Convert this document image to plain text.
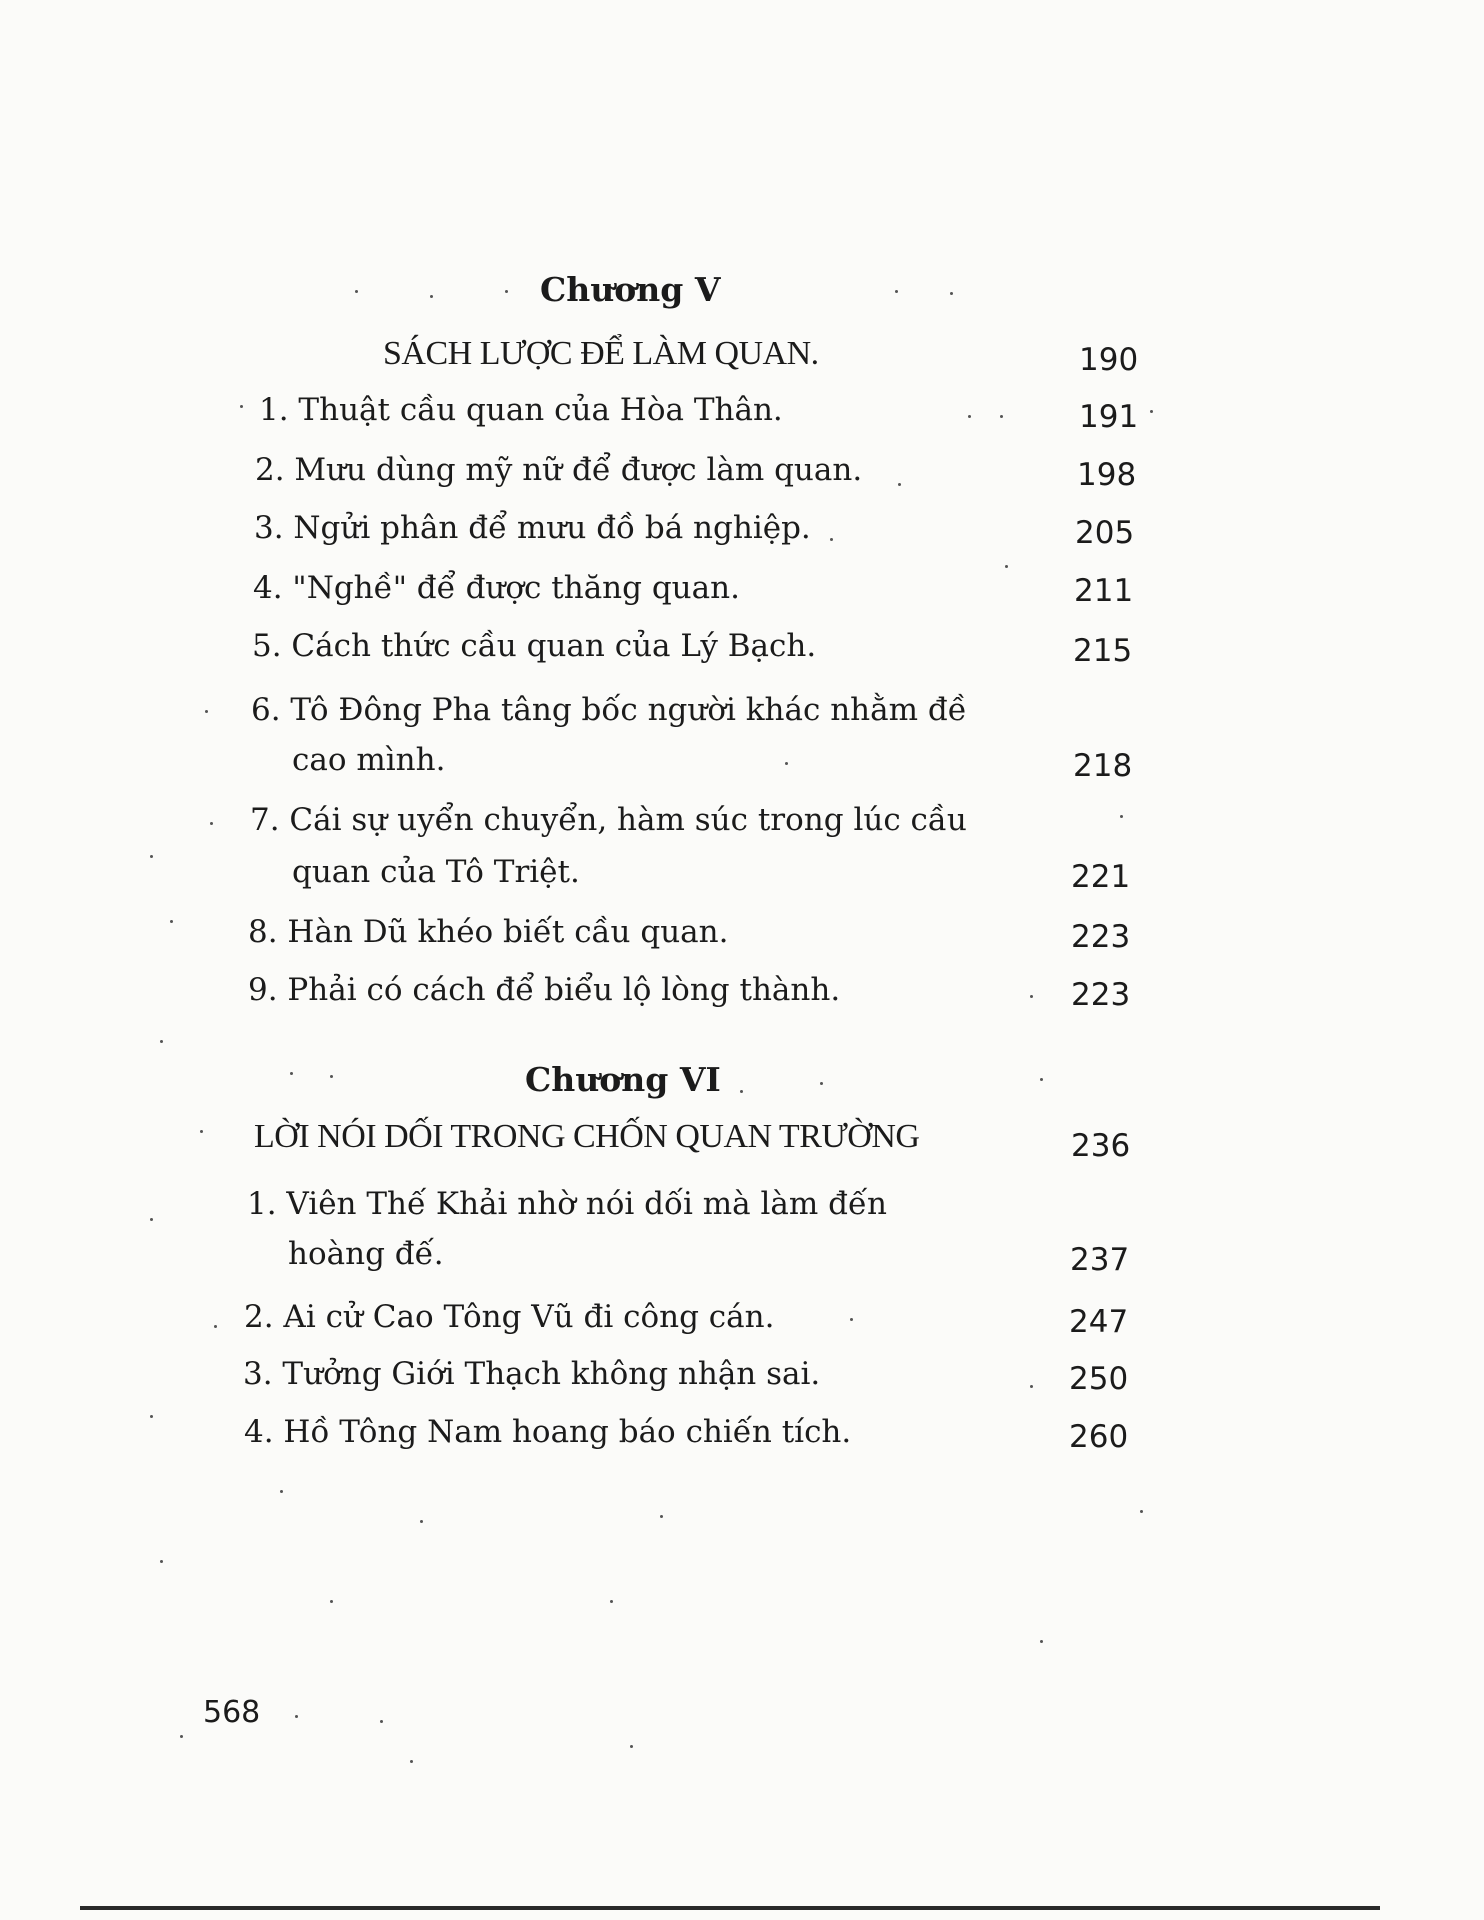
Chương V
SÁCH LƯỢC ĐỂ LÀM QUAN.	190
1. Thuật cầu quan của Hòa Thân.	191
2. Mưu dùng mỹ nữ để được làm quan.	198
3. Ngửi phân để mưu đồ bá nghiệp.	205
4. "Nghề" để được thăng quan.	211
5. Cách thức cầu quan của Lý Bạch.	215
6. Tô Đông Pha tâng bốc người khác nhằm đề
cao mình.	218
7. Cái sự uyển chuyển, hàm súc trong lúc cầu
quan của Tô Triệt.	221
8. Hàn Dũ khéo biết cầu quan.	223
9. Phải có cách để biểu lộ lòng thành.	223
Chương VI
LỜI NÓI DỐI TRONG CHỐN QUAN TRƯỜNG	236
1. Viên Thế Khải nhờ nói dối mà làm đến
hoàng đế.	237
2. Ai cử Cao Tông Vũ đi công cán.	247
3. Tưởng Giới Thạch không nhận sai.	250
4. Hồ Tông Nam hoang báo chiến tích.	260
568
